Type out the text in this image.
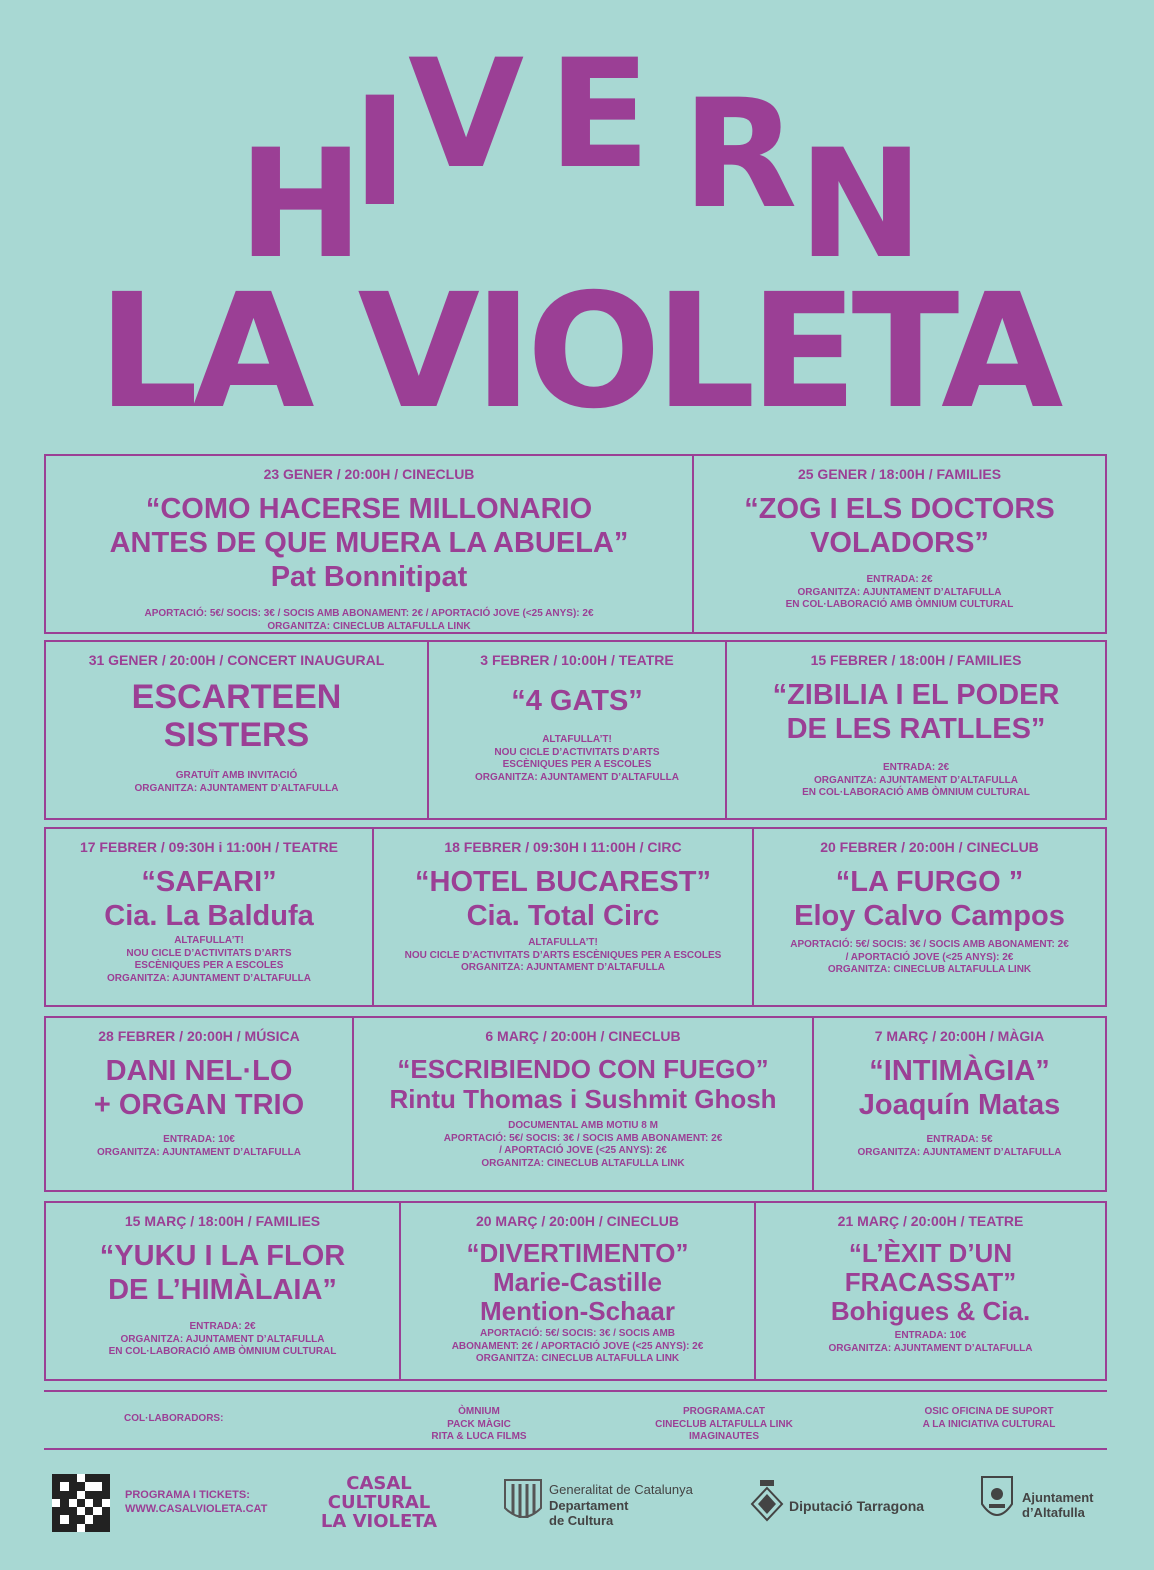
H
I V E R N
LA VIOLETA
23 GENER / 20:00H / CINECLUB
“COMO HACERSE MILLONARIO
ANTES DE QUE MUERA LA ABUELA”
Pat Bonnitipat
APORTACIÓ: 5€/ SOCIS: 3€ / SOCIS AMB ABONAMENT: 2€ / APORTACIÓ JOVE (<25 ANYS): 2€
ORGANITZA: CINECLUB ALTAFULLA LINK
25 GENER / 18:00H / FAMILIES
“ZOG I ELS DOCTORS
VOLADORS”
ENTRADA: 2€
ORGANITZA: AJUNTAMENT D’ALTAFULLA
EN COL·LABORACIÓ AMB ÒMNIUM CULTURAL
31 GENER / 20:00H / CONCERT INAUGURAL
ESCARTEEN
SISTERS
GRATUÏT AMB INVITACIÓ
ORGANITZA: AJUNTAMENT D’ALTAFULLA
3 FEBRER / 10:00H / TEATRE
“4 GATS”
ALTAFULLA’T!
NOU CICLE D’ACTIVITATS D’ARTS
ESCÈNIQUES PER A ESCOLES
ORGANITZA: AJUNTAMENT D’ALTAFULLA
15 FEBRER / 18:00H / FAMILIES
“ZIBILIA I EL PODER
DE LES RATLLES”
ENTRADA: 2€
ORGANITZA: AJUNTAMENT D’ALTAFULLA
EN COL·LABORACIÓ AMB ÒMNIUM CULTURAL
17 FEBRER / 09:30H i 11:00H / TEATRE
“SAFARI”
Cia. La Baldufa
ALTAFULLA’T!
NOU CICLE D’ACTIVITATS D’ARTS
ESCÈNIQUES PER A ESCOLES
ORGANITZA: AJUNTAMENT D’ALTAFULLA
18 FEBRER / 09:30H I 11:00H / CIRC
“HOTEL BUCAREST”
Cia. Total Circ
ALTAFULLA’T!
NOU CICLE D’ACTIVITATS D’ARTS ESCÈNIQUES PER A ESCOLES
ORGANITZA: AJUNTAMENT D’ALTAFULLA
20 FEBRER / 20:00H / CINECLUB
“LA FURGO ”
Eloy Calvo Campos
APORTACIÓ: 5€/ SOCIS: 3€ / SOCIS AMB ABONAMENT: 2€
/ APORTACIÓ JOVE (<25 ANYS): 2€
ORGANITZA: CINECLUB ALTAFULLA LINK
28 FEBRER / 20:00H / MÚSICA
DANI NEL·LO
+ ORGAN TRIO
ENTRADA: 10€
ORGANITZA: AJUNTAMENT D’ALTAFULLA
6 MARÇ / 20:00H / CINECLUB
“ESCRIBIENDO CON FUEGO”
Rintu Thomas i Sushmit Ghosh
DOCUMENTAL AMB MOTIU 8 M
APORTACIÓ: 5€/ SOCIS: 3€ / SOCIS AMB ABONAMENT: 2€
/ APORTACIÓ JOVE (<25 ANYS): 2€
ORGANITZA: CINECLUB ALTAFULLA LINK
7 MARÇ / 20:00H / MÀGIA
“INTIMÀGIA”
Joaquín Matas
ENTRADA: 5€
ORGANITZA: AJUNTAMENT D’ALTAFULLA
15 MARÇ / 18:00H / FAMILIES
“YUKU I LA FLOR
DE L’HIMÀLAIA”
ENTRADA: 2€
ORGANITZA: AJUNTAMENT D’ALTAFULLA
EN COL·LABORACIÓ AMB ÒMNIUM CULTURAL
20 MARÇ / 20:00H / CINECLUB
“DIVERTIMENTO”
Marie-Castille
Mention-Schaar
APORTACIÓ: 5€/ SOCIS: 3€ / SOCIS AMB
ABONAMENT: 2€ / APORTACIÓ JOVE (<25 ANYS): 2€
ORGANITZA: CINECLUB ALTAFULLA LINK
21 MARÇ / 20:00H / TEATRE
“L’ÈXIT D’UN
FRACASSAT”
Bohigues & Cia.
ENTRADA: 10€
ORGANITZA: AJUNTAMENT D’ALTAFULLA
COL·LABORADORS:
ÒMNIUM
PACK MÀGIC
RITA & LUCA FILMS
PROGRAMA.CAT
CINECLUB ALTAFULLA LINK
IMAGINAUTES
OSIC OFICINA DE SUPORT
A LA INICIATIVA CULTURAL
PROGRAMA I TICKETS:
WWW.CASALVIOLETA.CAT
CASAL
CULTURAL
LA VIOLETA
Generalitat de Catalunya
Departament
de Cultura
Diputació Tarragona
Ajuntament
d’Altafulla
